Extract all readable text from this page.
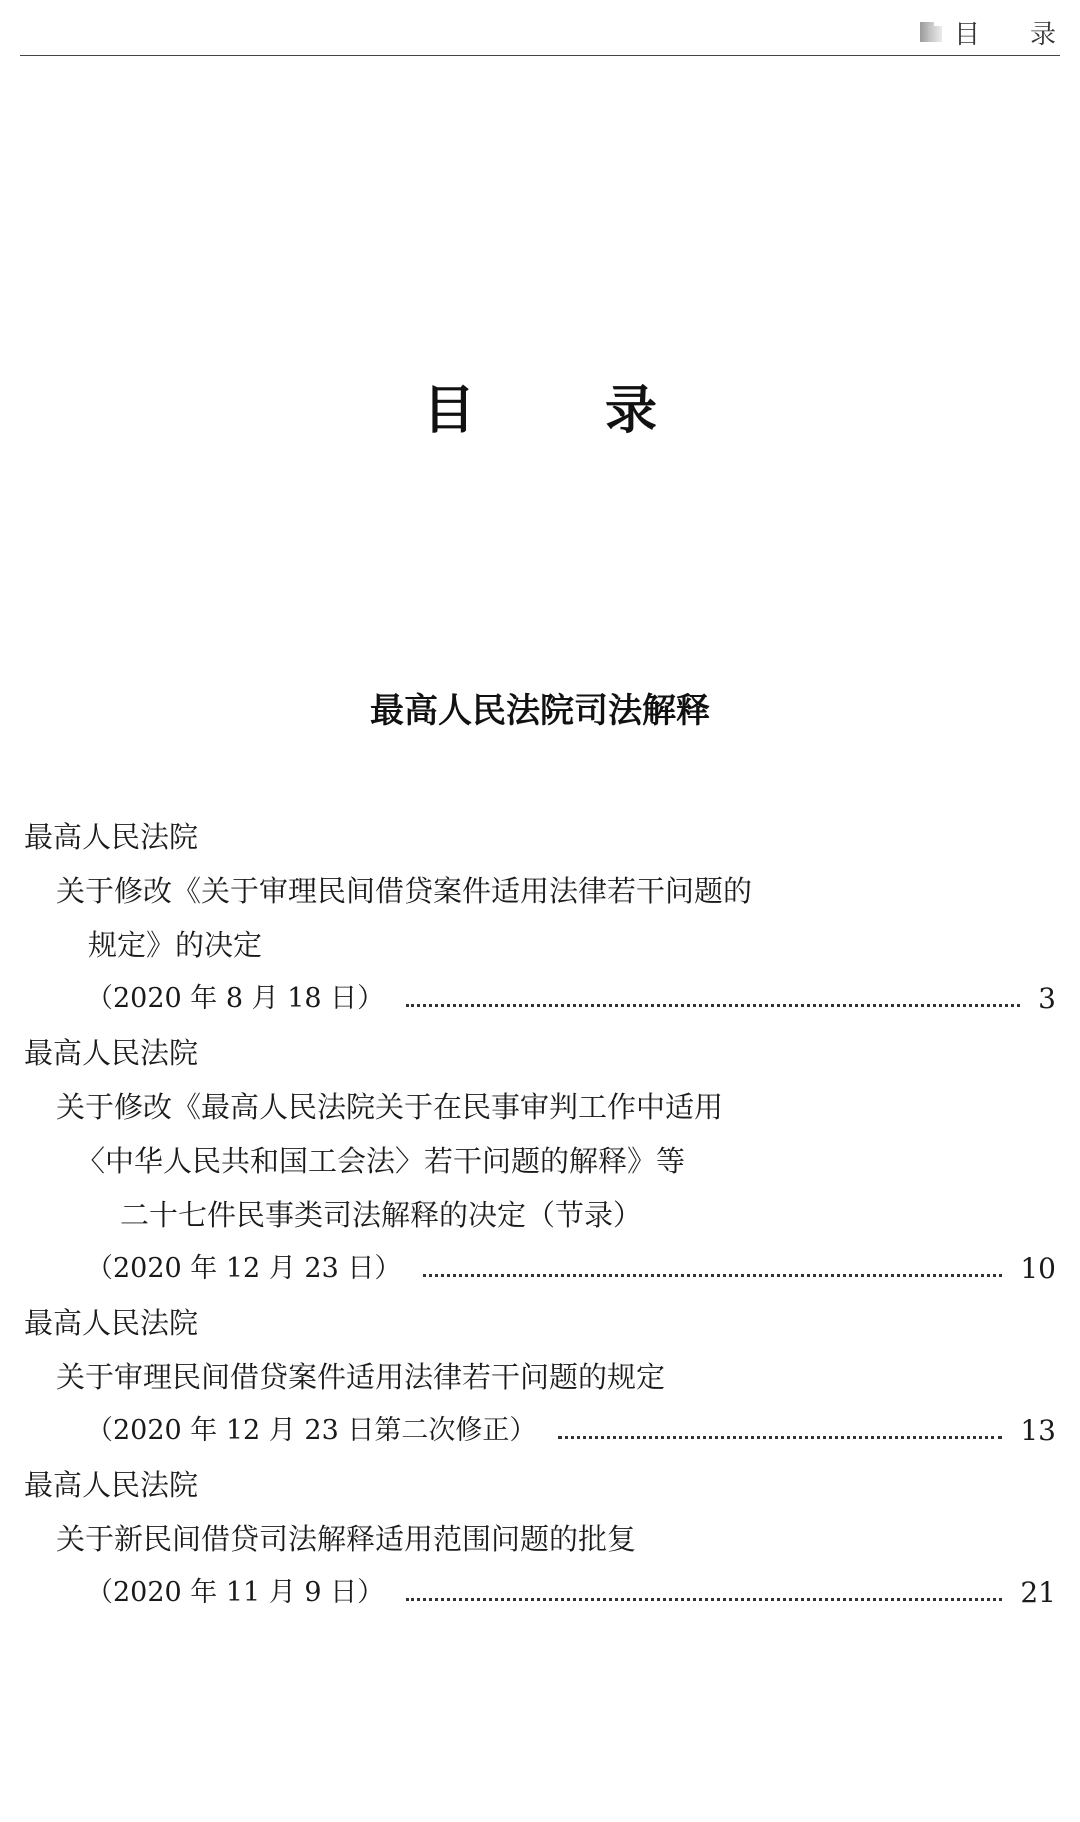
目 录
目	录
最高人民法院司法解释
最高人民法院
关于修改《关于审理民间借贷案件适用法律若干问题的
规定》的决定
（2020 年 8 月 18 日）	3
最高人民法院
关于修改《最高人民法院关于在民事审判工作中适用
〈中华人民共和国工会法〉若干问题的解释》等
二十七件民事类司法解释的决定（节录）
（2020 年 12 月 23 日）	10
最高人民法院
关于审理民间借贷案件适用法律若干问题的规定
（2020 年 12 月 23 日第二次修正）	13
最高人民法院
关于新民间借贷司法解释适用范围问题的批复
（2020 年 11 月 9 日）	21
